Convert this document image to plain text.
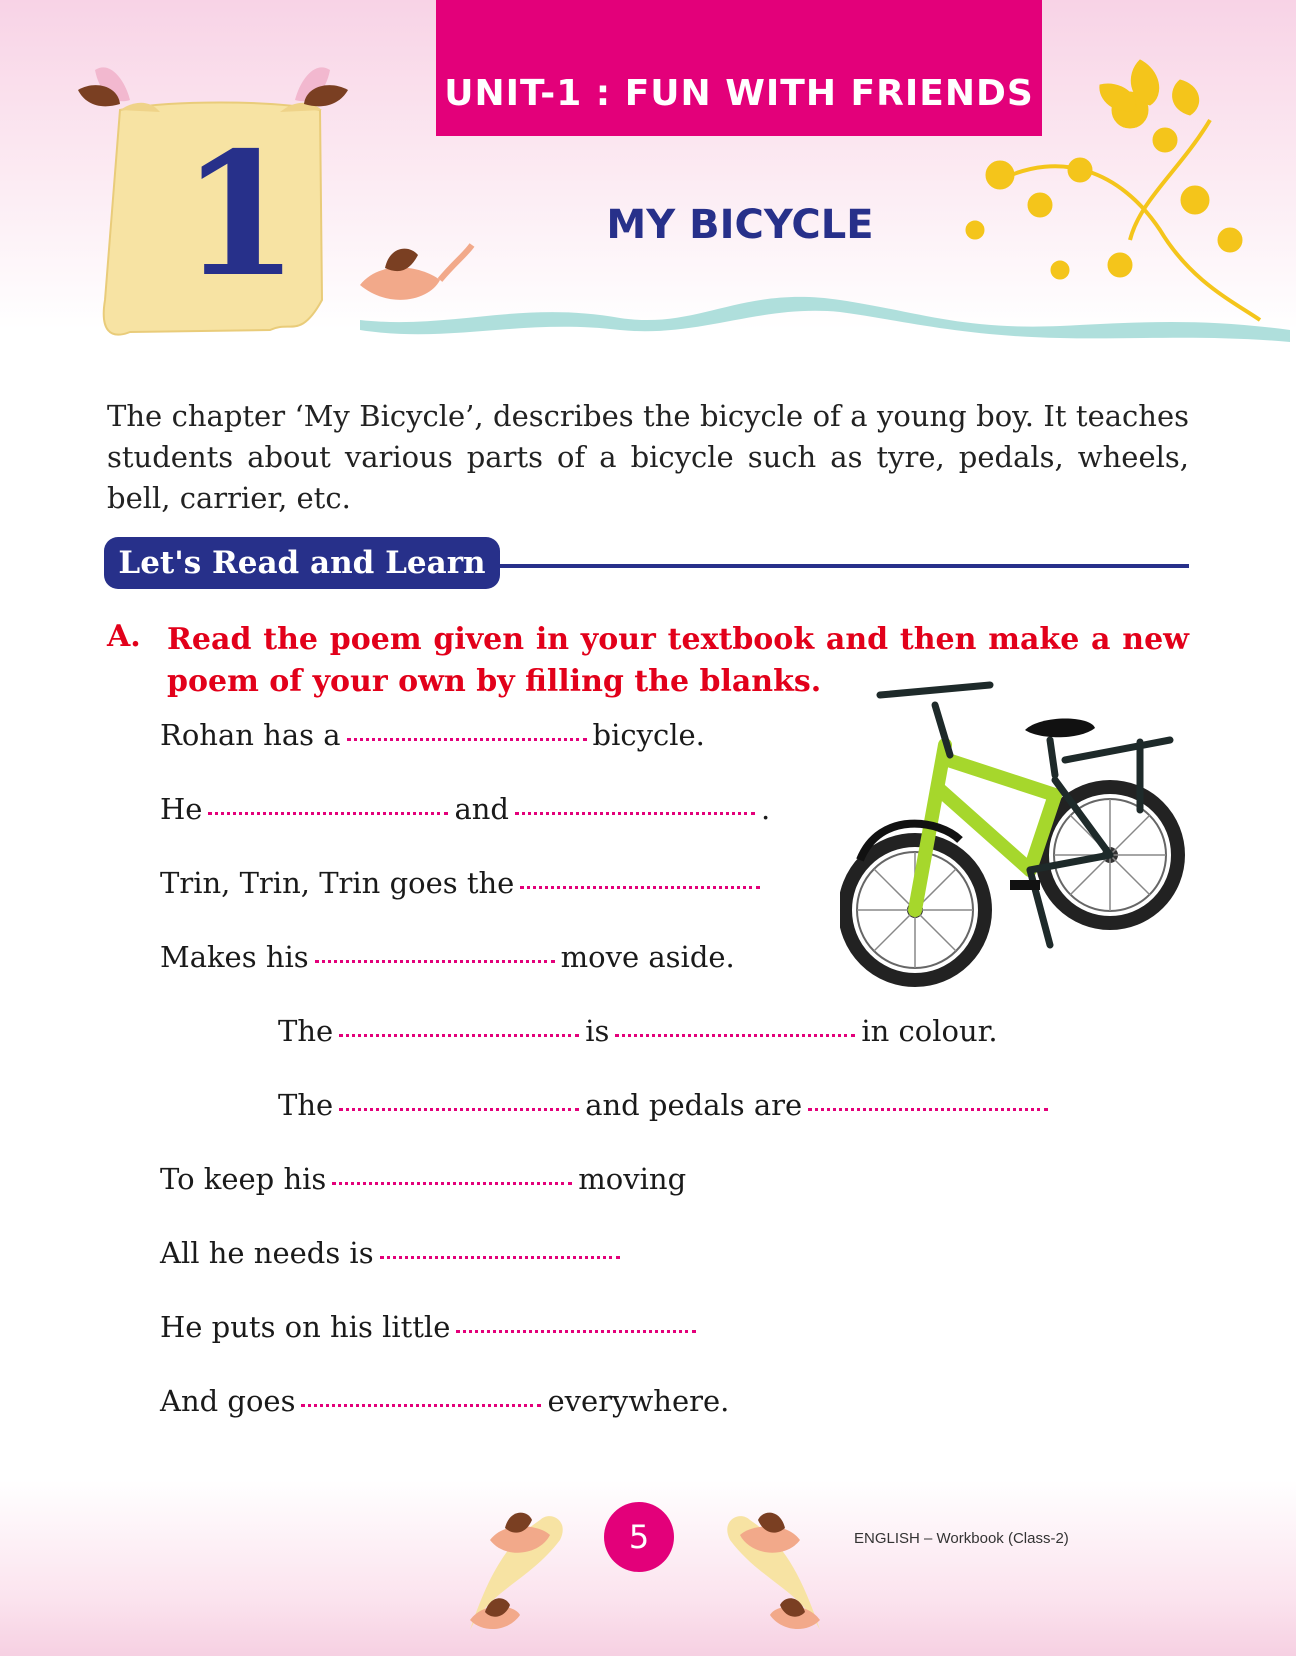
UNIT-1 : FUN WITH FRIENDS
1	MY BICYCLE
The chapter ‘My Bicycle’, describes the bicycle of a young boy. It teaches students about various parts of a bicycle such as tyre, pedals, wheels, bell, carrier, etc.
Let's Read and Learn
A. Read the poem given in your textbook and then make a new poem of your own by filling the blanks.
Rohan has a	bicycle.
He	and	.
Trin, Trin, Trin goes the
Makes his	move aside.
The	is	in colour.
The	and pedals are
To keep his	moving
All he needs is
He puts on his little
And goes	everywhere.
5	ENGLISH – Workbook (Class-2)
